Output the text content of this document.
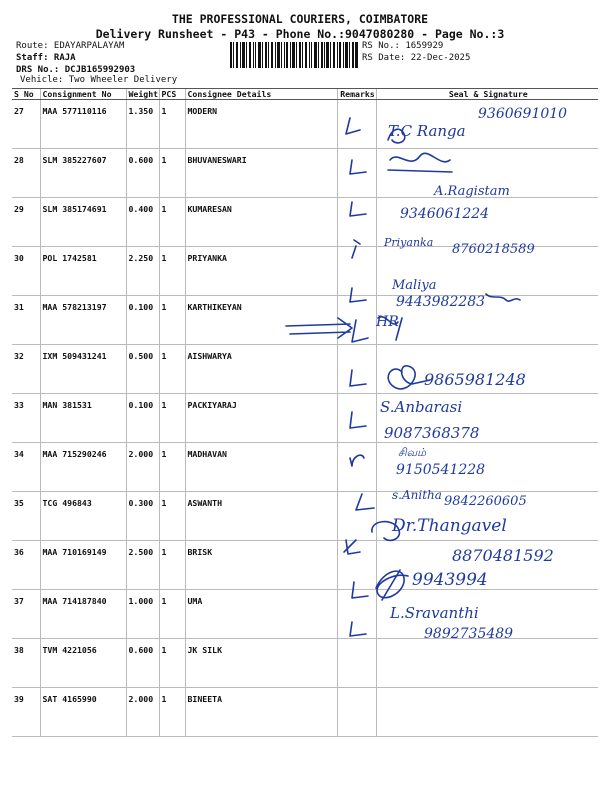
THE PROFESSIONAL COURIERS, COIMBATORE
Delivery Runsheet - P43 - Phone No.:9047080280 - Page No.:3
Route: EDAYARPALAYAM
Staff: RAJA
DRS No.: DCJB165992903
Vehicle: Two Wheeler Delivery
RS No.: 1659929
RS Date: 22-Dec-2025
S No	Consignment No	Weight	PCS	Consignee Details	Remarks	Seal & Signature
27	MAA 577110116	1.350	1	MODERN		
28	SLM 385227607	0.600	1	BHUVANESWARI		
29	SLM 385174691	0.400	1	KUMARESAN		
30	POL 1742581	2.250	1	PRIYANKA		
31	MAA 578213197	0.100	1	KARTHIKEYAN		
32	IXM 509431241	0.500	1	AISHWARYA		
33	MAN 381531	0.100	1	PACKIYARAJ		
34	MAA 715290246	2.000	1	MADHAVAN		
35	TCG 496843	0.300	1	ASWANTH		
36	MAA 710169149	2.500	1	BRISK		
37	MAA 714187840	1.000	1	UMA		
38	TVM 4221056	0.600	1	JK SILK		
39	SAT 4165990	2.000	1	BINEETA		
9360691010
T.C Ranga
A.Ragistam
9346061224
Priyanka 8760218589
Maliya
9443982283
HR
9865981248
S.Anbarasi
9087368378
சிவம்
9150541228
s.Anitha 9842260605
Dr.Thangavel
8870481592
9943994
L.Sravanthi
9892735489
